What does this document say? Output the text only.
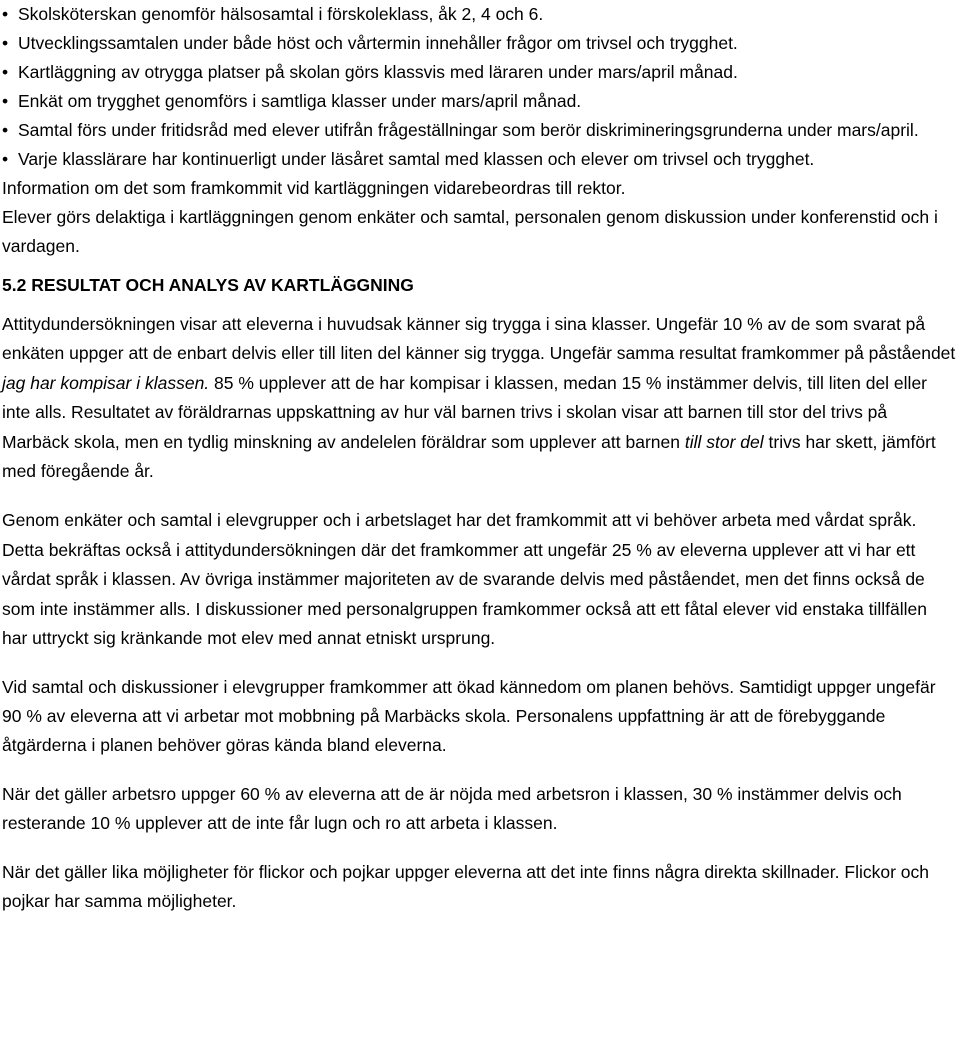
• Skolsköterskan genomför hälsosamtal i förskoleklass, åk 2, 4 och 6.
• Utvecklingssamtalen under både höst och vårtermin innehåller frågor om trivsel och trygghet.
• Kartläggning av otrygga platser på skolan görs klassvis med läraren under mars/april månad.
• Enkät om trygghet genomförs i samtliga klasser under mars/april månad.
• Samtal förs under fritidsråd med elever utifrån frågeställningar som berör diskrimineringsgrunderna under mars/april.
• Varje klasslärare har kontinuerligt under läsåret samtal med klassen och elever om trivsel och trygghet.

Information om det som framkommit vid kartläggningen vidarebeordras till rektor.

Elever görs delaktiga i kartläggningen genom enkäter och samtal, personalen genom diskussion under konferenstid och i vardagen.

5.2 RESULTAT OCH ANALYS AV KARTLÄGGNING

Attitydundersökningen visar att eleverna i huvudsak känner sig trygga i sina klasser. Ungefär 10 % av de som svarat på enkäten uppger att de enbart delvis eller till liten del känner sig trygga. Ungefär samma resultat framkommer på påståendet jag har kompisar i klassen. 85 % upplever att de har kompisar i klassen, medan 15 % instämmer delvis, till liten del eller inte alls. Resultatet av föräldrarnas uppskattning av hur väl barnen trivs i skolan visar att barnen till stor del trivs på Marbäck skola, men en tydlig minskning av andelelen föräldrar som upplever att barnen till stor del trivs har skett, jämfört med föregående år.

Genom enkäter och samtal i elevgrupper och i arbetslaget har det framkommit att vi behöver arbeta med vårdat språk. Detta bekräftas också i attitydundersökningen där det framkommer att ungefär 25 % av eleverna upplever att vi har ett vårdat språk i klassen. Av övriga instämmer majoriteten av de svarande delvis med påståendet, men det finns också de som inte instämmer alls. I diskussioner med personalgruppen framkommer också att ett fåtal elever vid enstaka tillfällen har uttryckt sig kränkande mot elev med annat etniskt ursprung.

Vid samtal och diskussioner i elevgrupper framkommer att ökad kännedom om planen behövs. Samtidigt uppger ungefär 90 % av eleverna att vi arbetar mot mobbning på Marbäcks skola. Personalens uppfattning är att de förebyggande åtgärderna i planen behöver göras kända bland eleverna.

När det gäller arbetsro uppger 60 % av eleverna att de är nöjda med arbetsron i klassen, 30 % instämmer delvis och resterande 10 % upplever att de inte får lugn och ro att arbeta i klassen.

När det gäller lika möjligheter för flickor och pojkar uppger eleverna att det inte finns några direkta skillnader. Flickor och pojkar har samma möjligheter.
